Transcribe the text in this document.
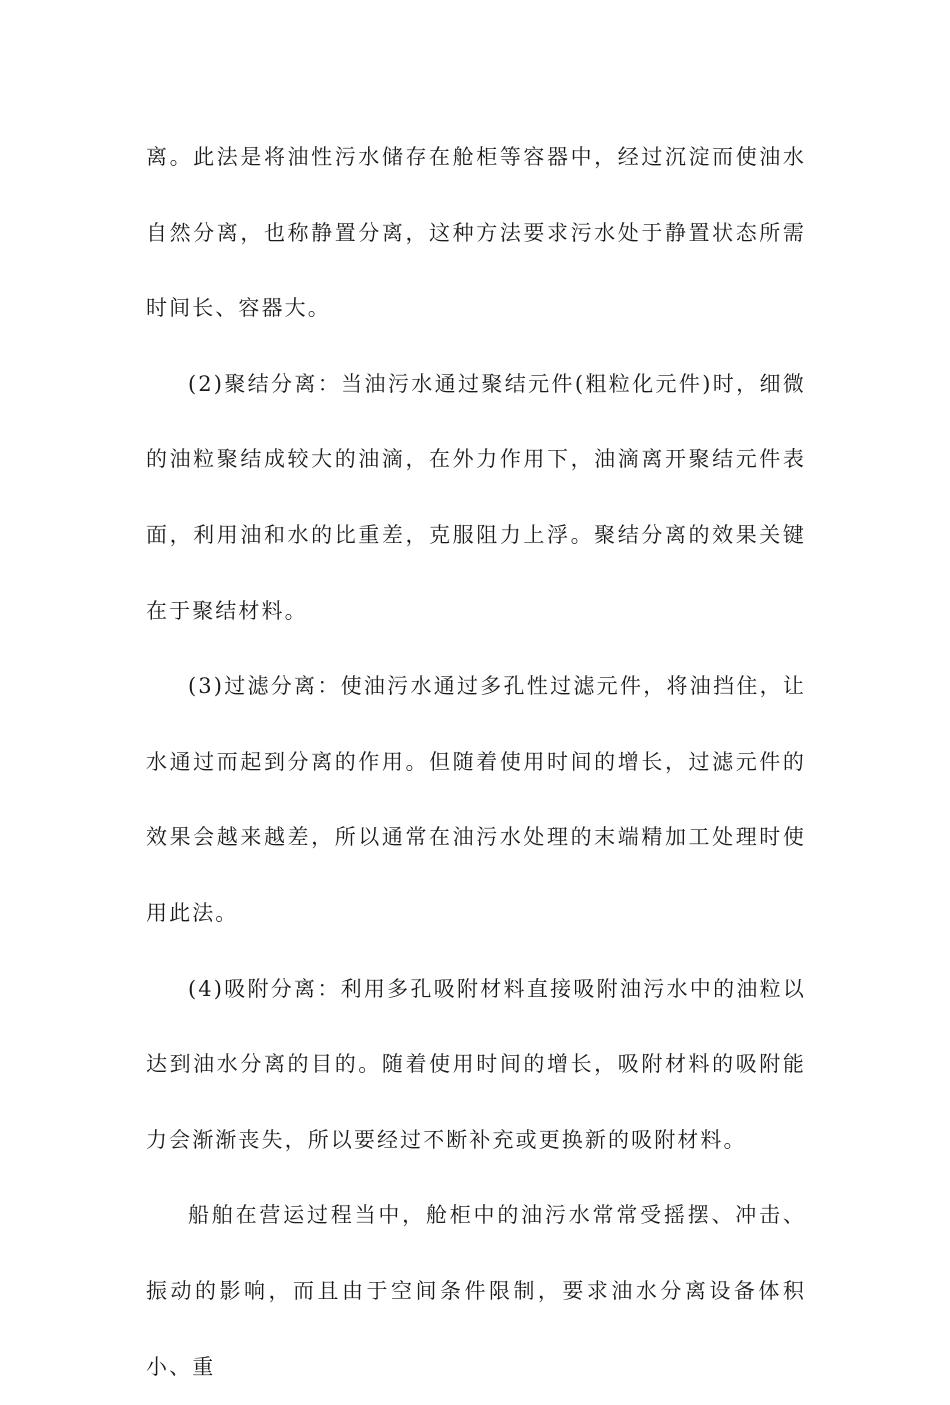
离。此法是将油性污水储存在舱柜等容器中，经过沉淀而使油水自然分离，也称静置分离，这种方法要求污水处于静置状态所需时间长、容器大。

(2)聚结分离：当油污水通过聚结元件(粗粒化元件)时，细微的油粒聚结成较大的油滴，在外力作用下，油滴离开聚结元件表面，利用油和水的比重差，克服阻力上浮。聚结分离的效果关键在于聚结材料。

(3)过滤分离：使油污水通过多孔性过滤元件，将油挡住，让水通过而起到分离的作用。但随着使用时间的增长，过滤元件的效果会越来越差，所以通常在油污水处理的末端精加工处理时使用此法。

(4)吸附分离：利用多孔吸附材料直接吸附油污水中的油粒以达到油水分离的目的。随着使用时间的增长，吸附材料的吸附能力会渐渐丧失，所以要经过不断补充或更换新的吸附材料。

船舶在营运过程当中，舱柜中的油污水常常受摇摆、冲击、振动的影响，而且由于空间条件限制，要求油水分离设备体积小、重
